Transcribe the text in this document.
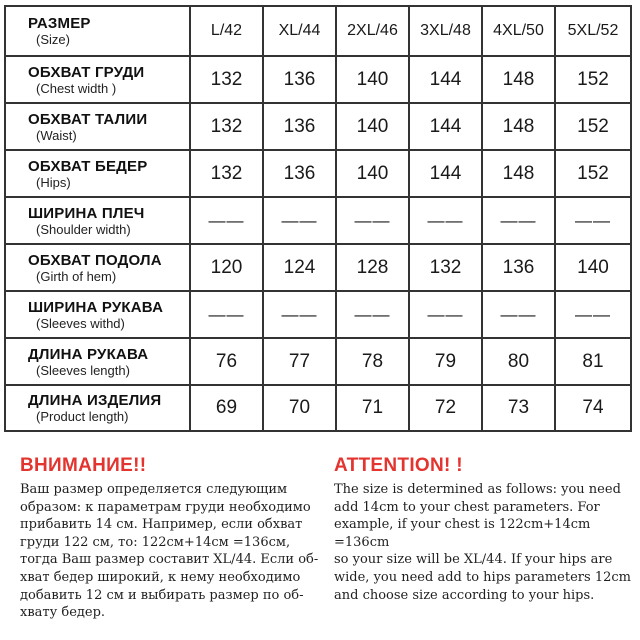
РАЗМЕР
(Size)	L/42	XL/44	2XL/46	3XL/48	4XL/50	5XL/52

ОБХВАТ ГРУДИ
(Chest width )	132	136	140	144	148	152

ОБХВАТ ТАЛИИ
(Waist)	132	136	140	144	148	152

ОБХВАТ БЕДЕР
(Hips)	132	136	140	144	148	152

ШИРИНА ПЛЕЧ
(Shoulder width)	——	——	——	——	——	——

ОБХВАТ ПОДОЛА
(Girth of hem)	120	124	128	132	136	140

ШИРИНА РУКАВА
(Sleeves withd)	——	——	——	——	——	——

ДЛИНА РУКАВА
(Sleeves length)	76	77	78	79	80	81

ДЛИНА ИЗДЕЛИЯ
(Product length)	69	70	71	72	73	74
ВНИМАНИЕ!!
Ваш размер определяется следующим
образом: к параметрам груди необходимо
прибавить 14 см. Например, если обхват
груди 122 см, то: 122см+14см =136см,
тогда Ваш размер составит XL/44. Если об-
хват бедер широкий, к нему необходимо
добавить 12 см и выбирать размер по об-
хвату бедер.
ATTENTION! !
The size is determined as follows: you need
add 14cm to your chest parameters. For
example, if your chest is 122cm+14cm =136cm
so your size will be XL/44. If your hips are
wide, you need add to hips parameters 12cm
and choose size according to your hips.
